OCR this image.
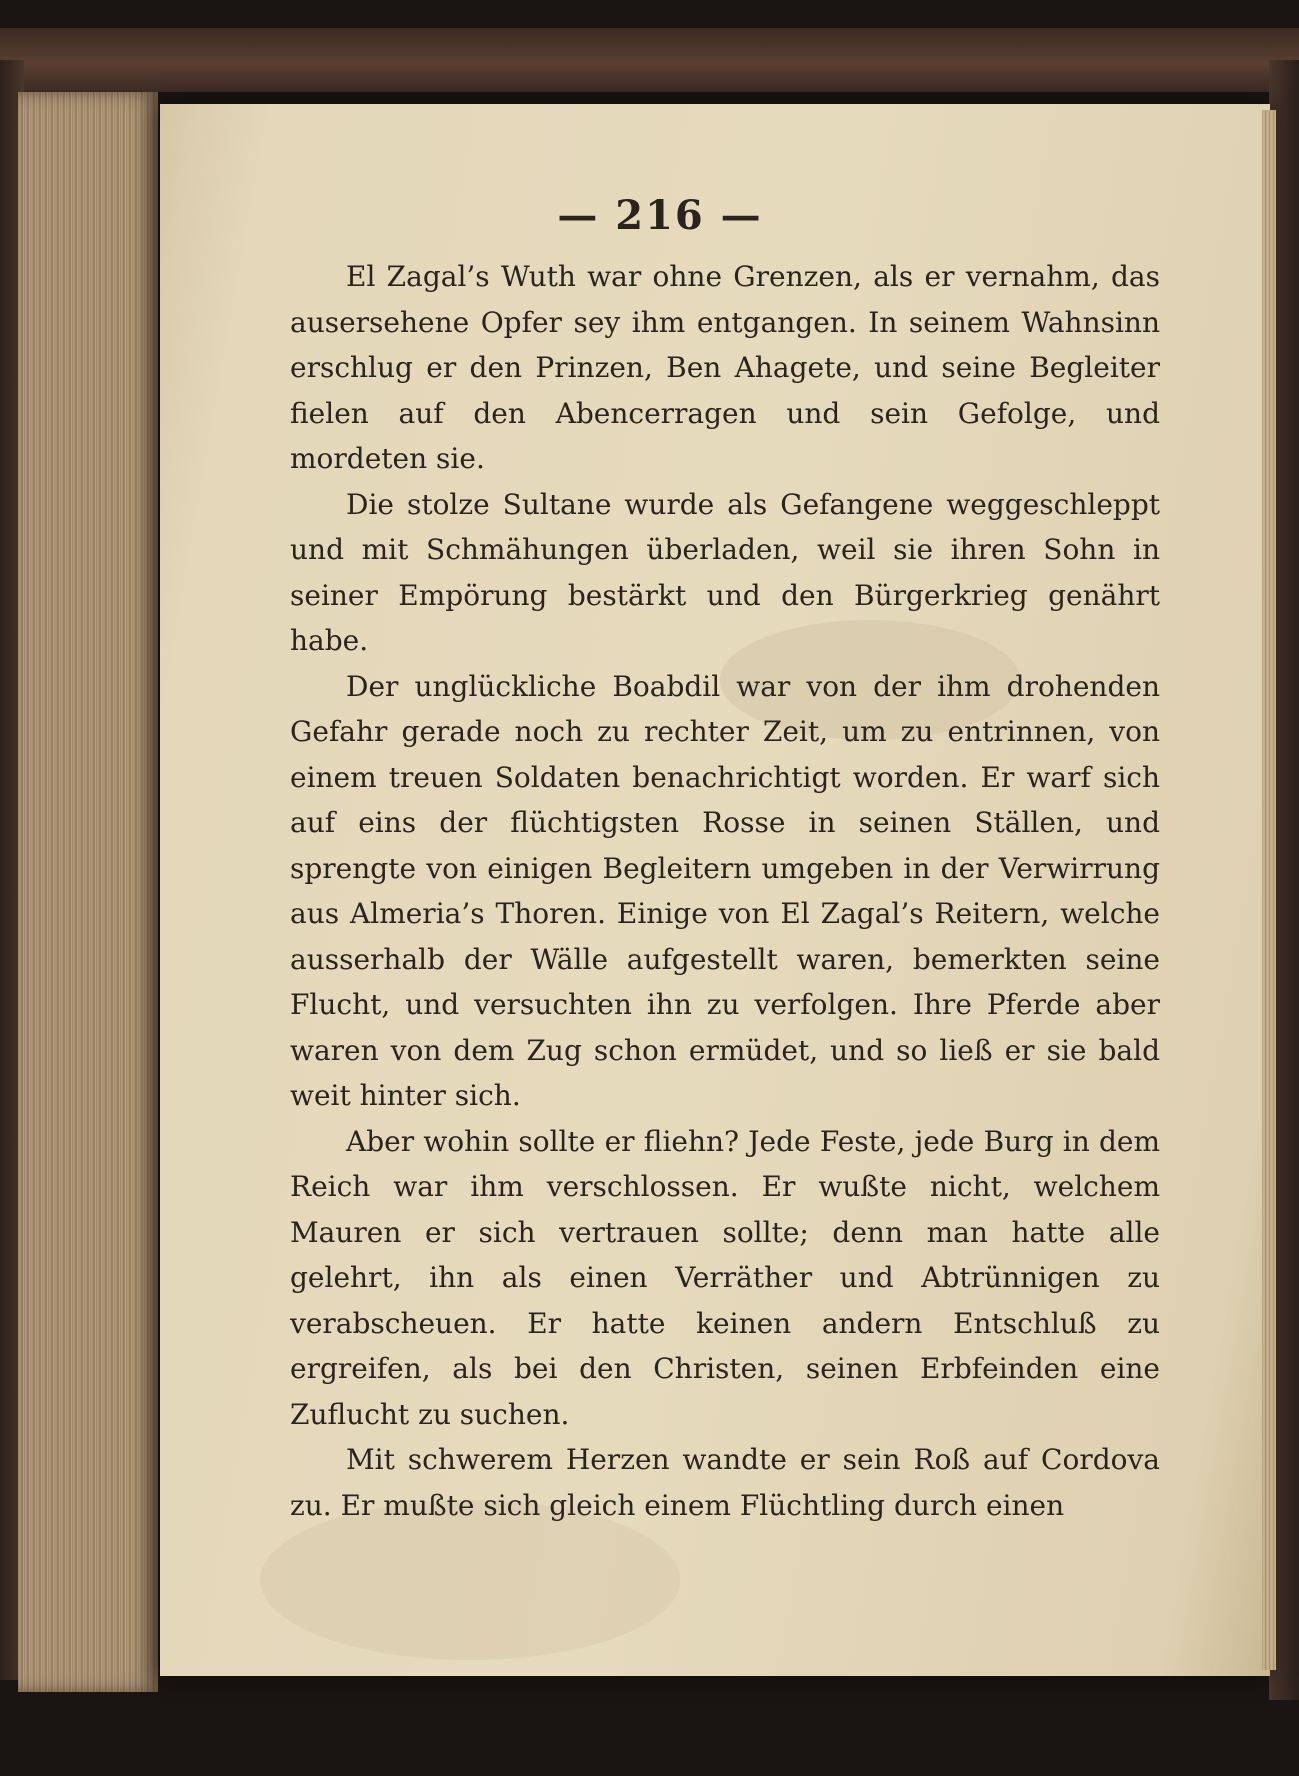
— 216 —

El Zagal’s Wuth war ohne Grenzen, als er vernahm, das ausersehene Opfer sey ihm entgangen. In seinem Wahnsinn erschlug er den Prinzen, Ben Ahagete, und seine Begleiter fielen auf den Abencerragen und sein Gefolge, und mordeten sie.

Die stolze Sultane wurde als Gefangene weggeschleppt und mit Schmähungen überladen, weil sie ihren Sohn in seiner Empörung bestärkt und den Bürgerkrieg genährt habe.

Der unglückliche Boabdil war von der ihm drohenden Gefahr gerade noch zu rechter Zeit, um zu entrinnen, von einem treuen Soldaten benachrichtigt worden. Er warf sich auf eins der flüchtigsten Rosse in seinen Ställen, und sprengte von einigen Begleitern umgeben in der Verwirrung aus Almeria’s Thoren. Einige von El Zagal’s Reitern, welche ausserhalb der Wälle aufgestellt waren, bemerkten seine Flucht, und versuchten ihn zu verfolgen. Ihre Pferde aber waren von dem Zug schon ermüdet, und so ließ er sie bald weit hinter sich.

Aber wohin sollte er fliehn? Jede Feste, jede Burg in dem Reich war ihm verschlossen. Er wußte nicht, welchem Mauren er sich vertrauen sollte; denn man hatte alle gelehrt, ihn als einen Verräther und Abtrünnigen zu verabscheuen. Er hatte keinen andern Entschluß zu ergreifen, als bei den Christen, seinen Erbfeinden eine Zuflucht zu suchen.

Mit schwerem Herzen wandte er sein Roß auf Cordova zu. Er mußte sich gleich einem Flüchtling durch einen
